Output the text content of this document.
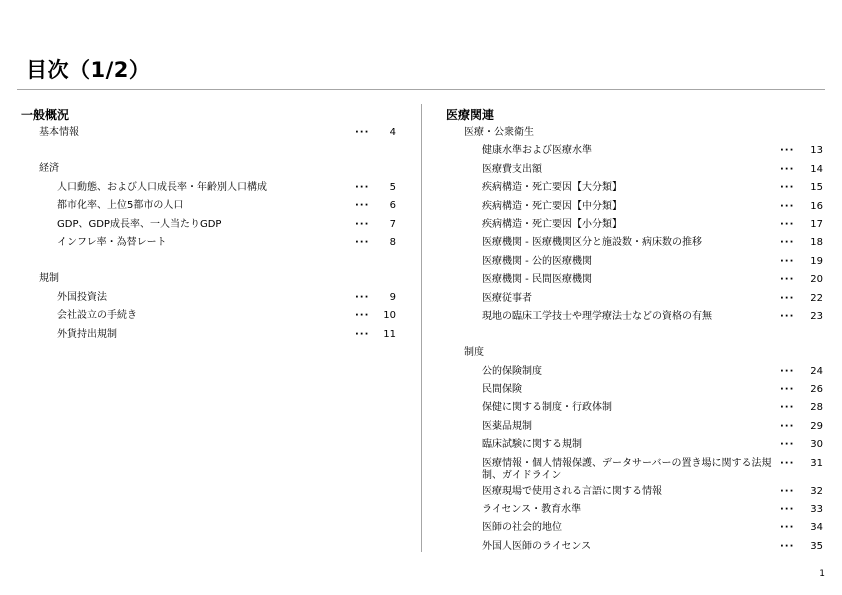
目次（1/2）
一般概況
基本情報	···	4
経済
人口動態、および人口成長率・年齢別人口構成	···	5
都市化率、上位5都市の人口	···	6
GDP、GDP成長率、一人当たりGDP	···	7
インフレ率・為替レート	···	8
規制
外国投資法	···	9
会社設立の手続き	···	10
外貨持出規制	···	11
医療関連
医療・公衆衛生
健康水準および医療水準	···	13
医療費支出額	···	14
疾病構造・死亡要因【大分類】	···	15
疾病構造・死亡要因【中分類】	···	16
疾病構造・死亡要因【小分類】	···	17
医療機関 - 医療機関区分と施設数・病床数の推移	···	18
医療機関 - 公的医療機関	···	19
医療機関 - 民間医療機関	···	20
医療従事者	···	22
現地の臨床工学技士や理学療法士などの資格の有無	···	23
制度
公的保険制度	···	24
民間保険	···	26
保健に関する制度・行政体制	···	28
医薬品規制	···	29
臨床試験に関する規制	···	30
医療情報・個人情報保護、データサーバーの置き場に関する法規制、ガイドライン
···	31
医療現場で使用される言語に関する情報	···	32
ライセンス・教育水準	···	33
医師の社会的地位	···	34
外国人医師のライセンス	···	35
1
